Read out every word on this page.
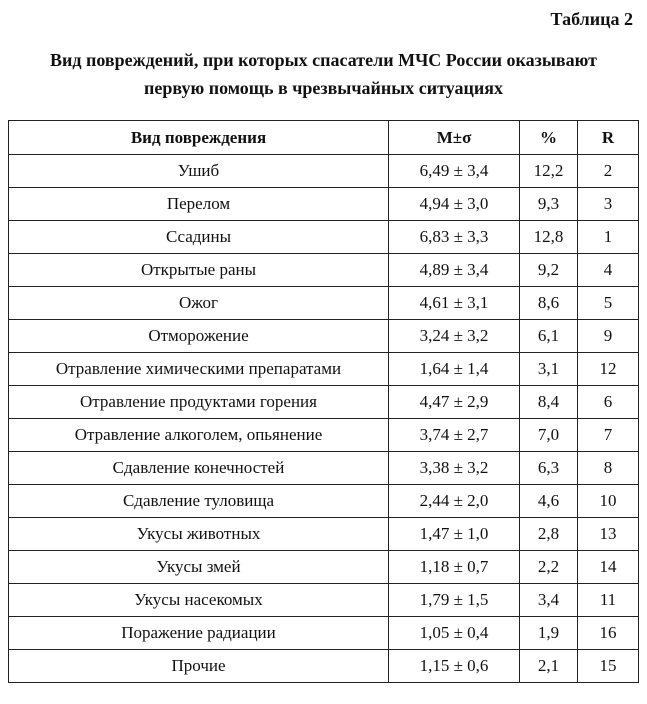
Таблица 2
Вид повреждений, при которых спасатели МЧС России оказывают
первую помощь в чрезвычайных ситуациях
Вид повреждения	M±σ	%	R
Ушиб	6,49 ± 3,4	12,2	2
Перелом	4,94 ± 3,0	9,3	3
Ссадины	6,83 ± 3,3	12,8	1
Открытые раны	4,89 ± 3,4	9,2	4
Ожог	4,61 ± 3,1	8,6	5
Отморожение	3,24 ± 3,2	6,1	9
Отравление химическими препаратами	1,64 ± 1,4	3,1	12
Отравление продуктами горения	4,47 ± 2,9	8,4	6
Отравление алкоголем, опьянение	3,74 ± 2,7	7,0	7
Сдавление конечностей	3,38 ± 3,2	6,3	8
Сдавление туловища	2,44 ± 2,0	4,6	10
Укусы животных	1,47 ± 1,0	2,8	13
Укусы змей	1,18 ± 0,7	2,2	14
Укусы насекомых	1,79 ± 1,5	3,4	11
Поражение радиации	1,05 ± 0,4	1,9	16
Прочие	1,15 ± 0,6	2,1	15
